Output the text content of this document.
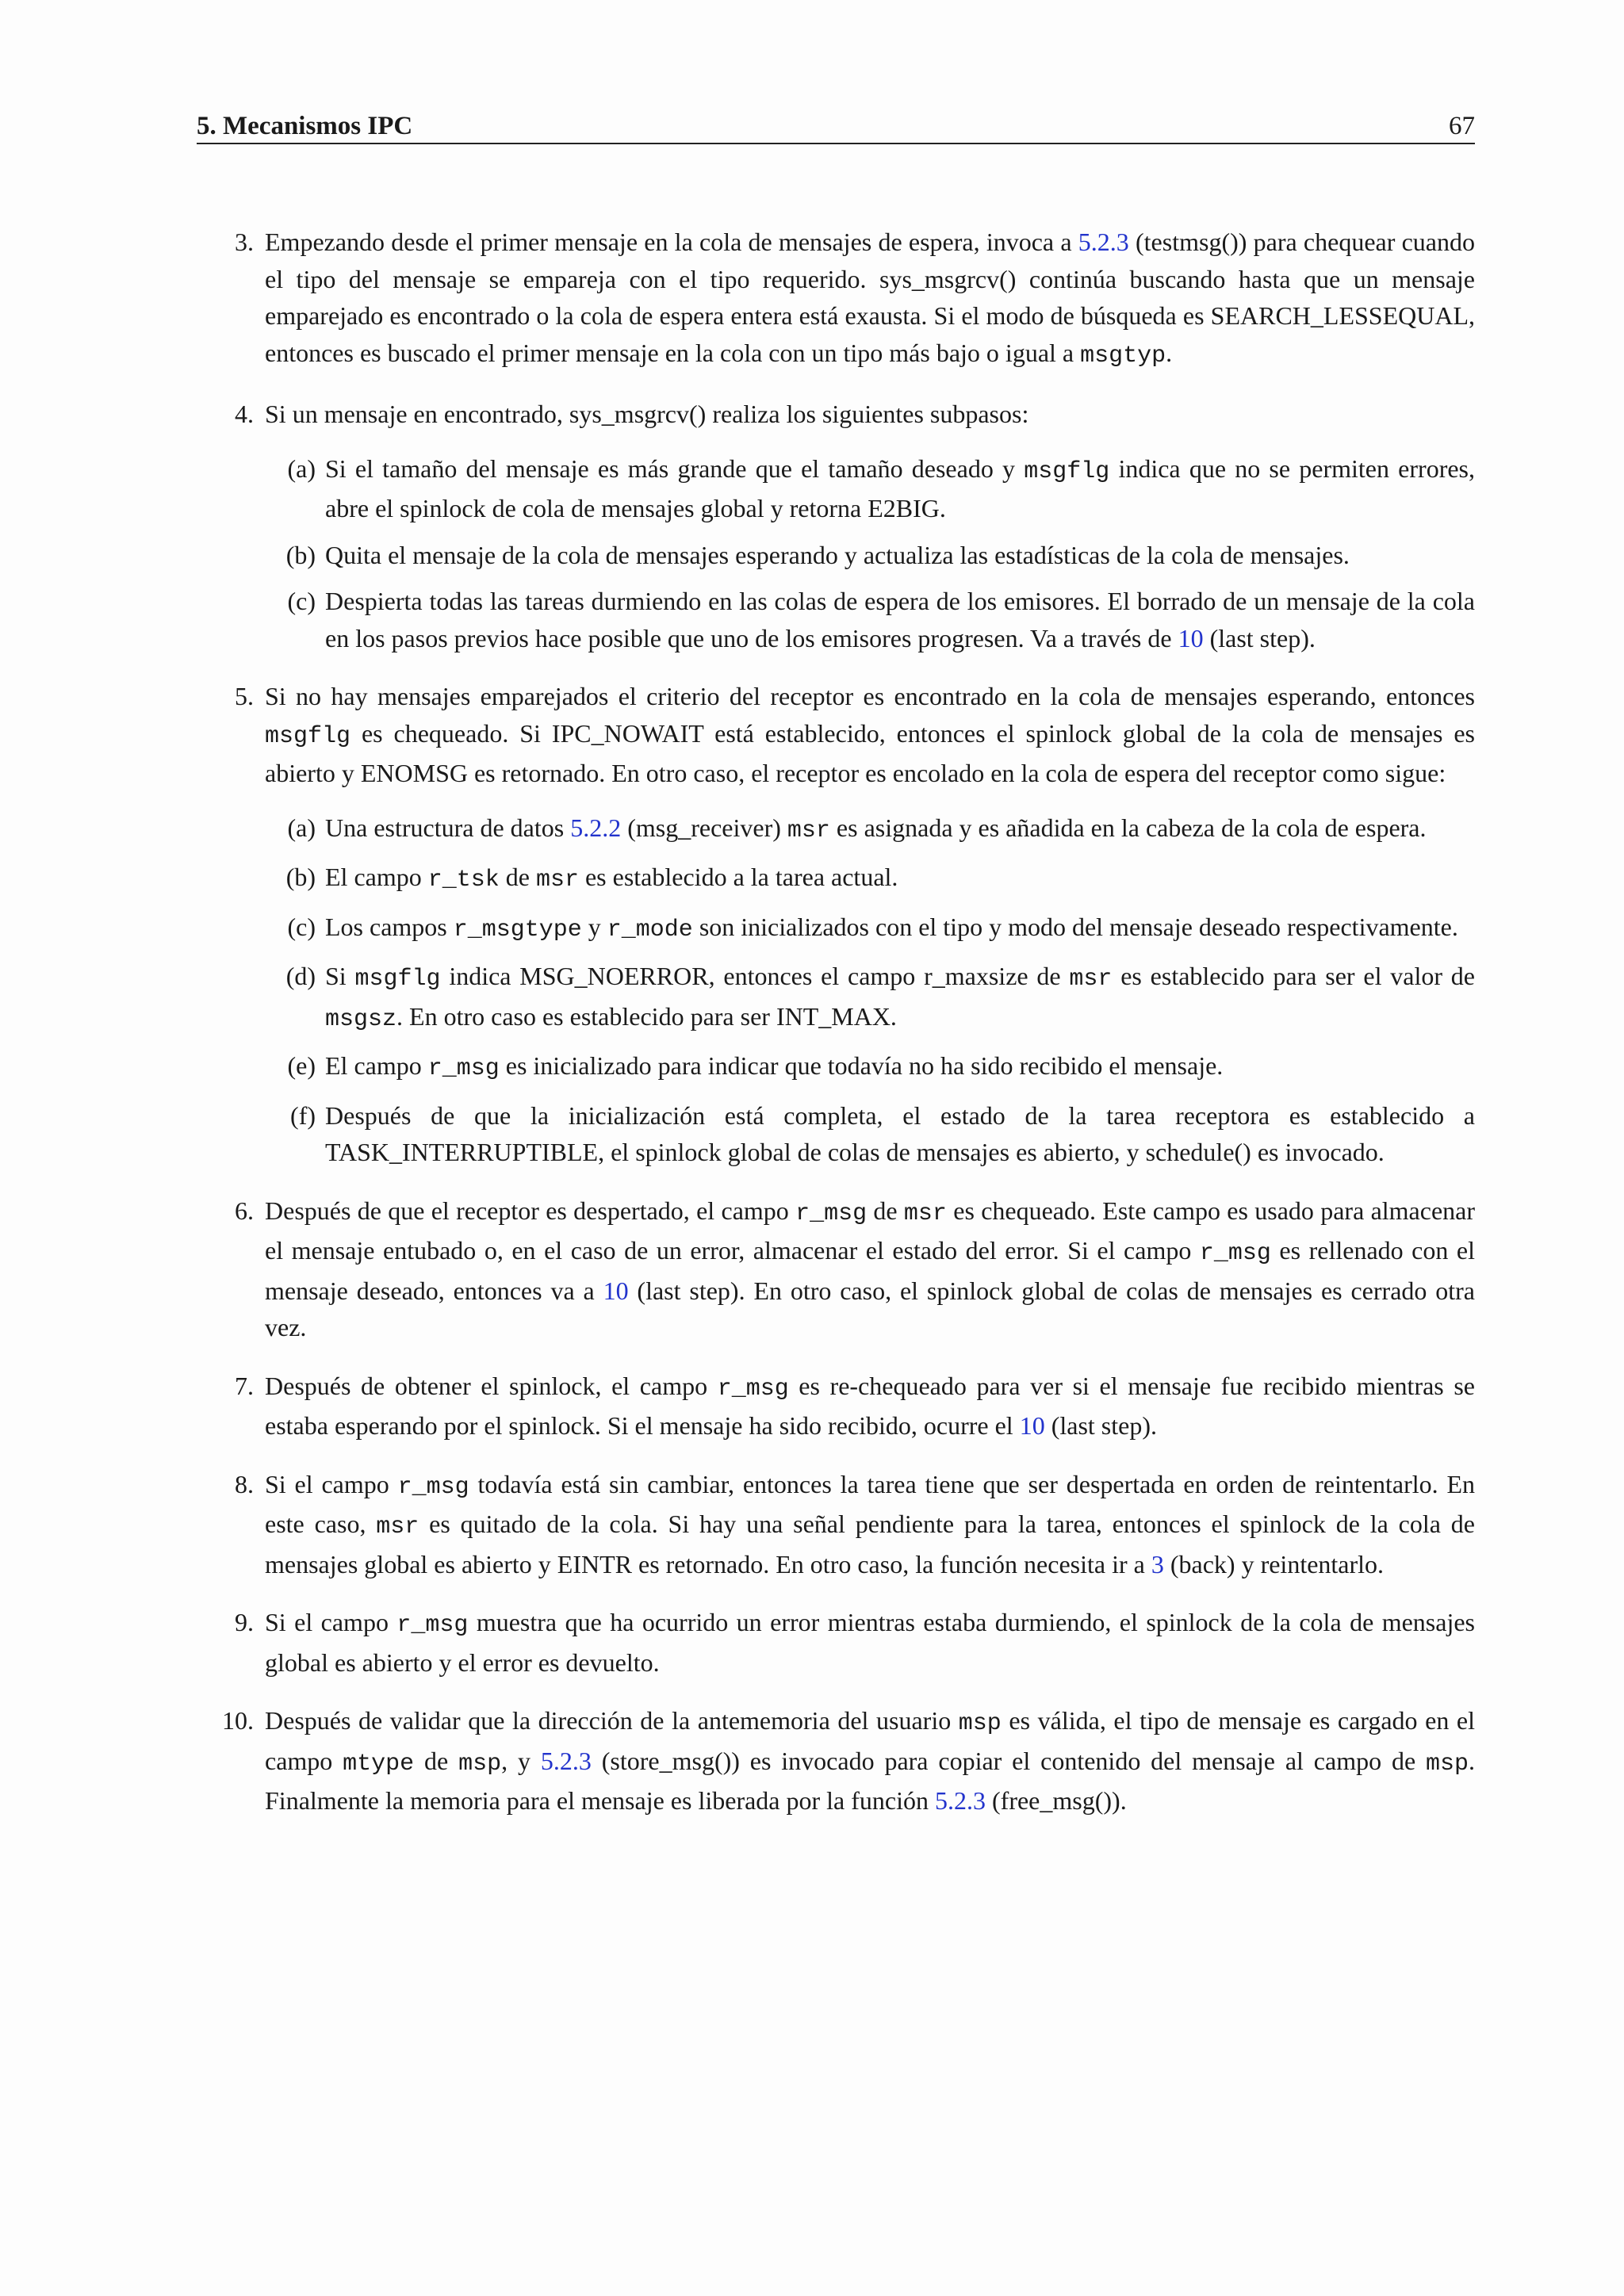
5. Mecanismos IPC	67
3. Empezando desde el primer mensaje en la cola de mensajes de espera, invoca a 5.2.3 (testmsg()) para chequear cuando el tipo del mensaje se empareja con el tipo requerido. sys_msgrcv() continúa buscando hasta que un mensaje emparejado es encontrado o la cola de espera entera está exausta. Si el modo de búsqueda es SEARCH_LESSEQUAL, entonces es buscado el primer mensaje en la cola con un tipo más bajo o igual a msgtyp.
4. Si un mensaje en encontrado, sys_msgrcv() realiza los siguientes subpasos:
(a) Si el tamaño del mensaje es más grande que el tamaño deseado y msgflg indica que no se permiten errores, abre el spinlock de cola de mensajes global y retorna E2BIG.
(b) Quita el mensaje de la cola de mensajes esperando y actualiza las estadísticas de la cola de mensajes.
(c) Despierta todas las tareas durmiendo en las colas de espera de los emisores. El borrado de un mensaje de la cola en los pasos previos hace posible que uno de los emisores progresen. Va a través de 10 (last step).
5. Si no hay mensajes emparejados el criterio del receptor es encontrado en la cola de mensajes esperando, entonces msgflg es chequeado. Si IPC_NOWAIT está establecido, entonces el spinlock global de la cola de mensajes es abierto y ENOMSG es retornado. En otro caso, el receptor es encolado en la cola de espera del receptor como sigue:
(a) Una estructura de datos 5.2.2 (msg_receiver) msr es asignada y es añadida en la cabeza de la cola de espera.
(b) El campo r_tsk de msr es establecido a la tarea actual.
(c) Los campos r_msgtype y r_mode son inicializados con el tipo y modo del mensaje deseado respectivamente.
(d) Si msgflg indica MSG_NOERROR, entonces el campo r_maxsize de msr es establecido para ser el valor de msgsz. En otro caso es establecido para ser INT_MAX.
(e) El campo r_msg es inicializado para indicar que todavía no ha sido recibido el mensaje.
(f) Después de que la inicialización está completa, el estado de la tarea receptora es establecido a TASK_INTERRUPTIBLE, el spinlock global de colas de mensajes es abierto, y schedule() es invocado.
6. Después de que el receptor es despertado, el campo r_msg de msr es chequeado. Este campo es usado para almacenar el mensaje entubado o, en el caso de un error, almacenar el estado del error. Si el campo r_msg es rellenado con el mensaje deseado, entonces va a 10 (last step). En otro caso, el spinlock global de colas de mensajes es cerrado otra vez.
7. Después de obtener el spinlock, el campo r_msg es re-chequeado para ver si el mensaje fue recibido mientras se estaba esperando por el spinlock. Si el mensaje ha sido recibido, ocurre el 10 (last step).
8. Si el campo r_msg todavía está sin cambiar, entonces la tarea tiene que ser despertada en orden de reintentarlo. En este caso, msr es quitado de la cola. Si hay una señal pendiente para la tarea, entonces el spinlock de la cola de mensajes global es abierto y EINTR es retornado. En otro caso, la función necesita ir a 3 (back) y reintentarlo.
9. Si el campo r_msg muestra que ha ocurrido un error mientras estaba durmiendo, el spinlock de la cola de mensajes global es abierto y el error es devuelto.
10. Después de validar que la dirección de la antememoria del usuario msp es válida, el tipo de mensaje es cargado en el campo mtype de msp, y 5.2.3 (store_msg()) es invocado para copiar el contenido del mensaje al campo de msp. Finalmente la memoria para el mensaje es liberada por la función 5.2.3 (free_msg()).
